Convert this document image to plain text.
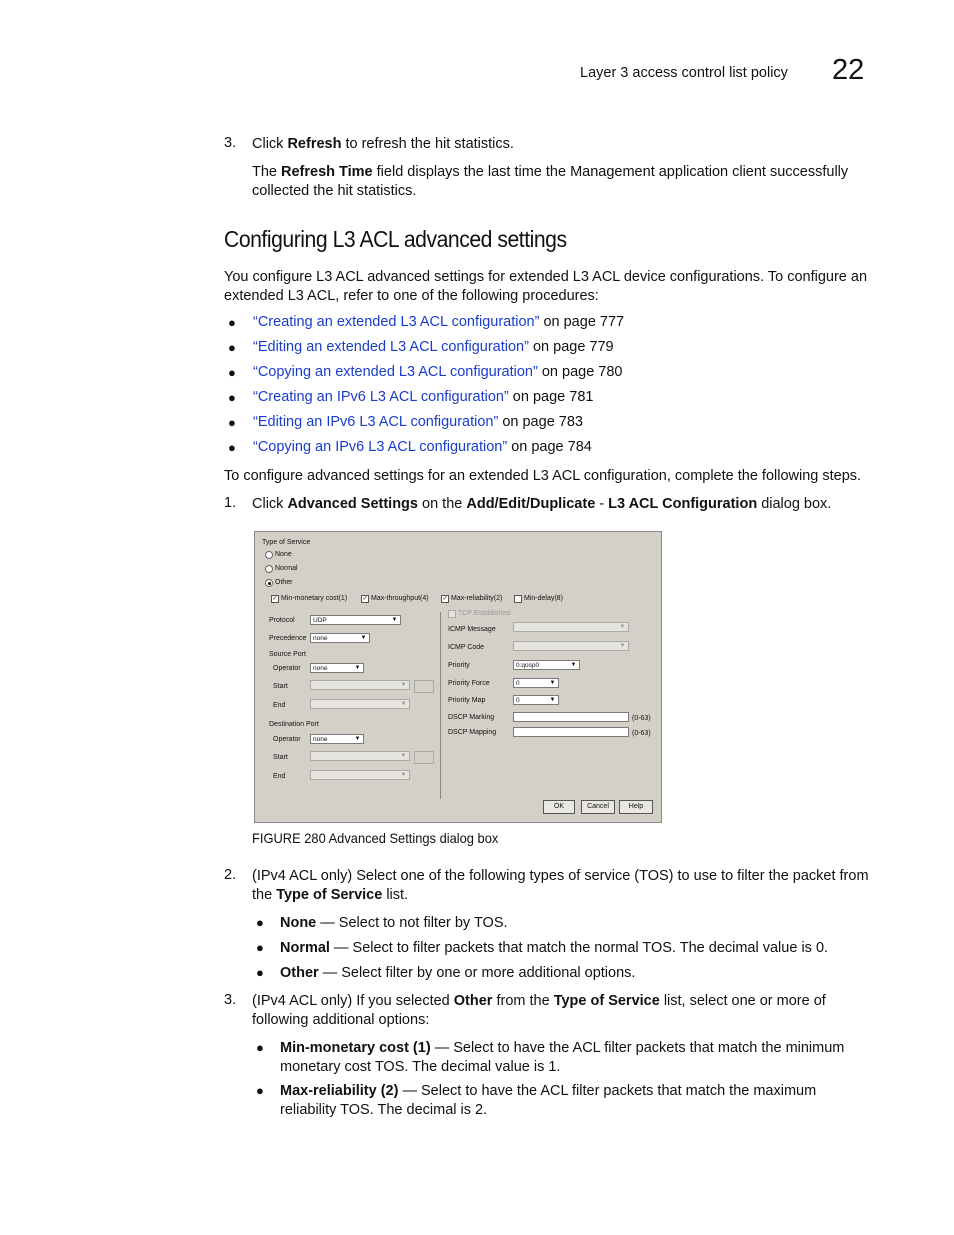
Layer 3 access control list policy 22
3. Click Refresh to refresh the hit statistics.
The Refresh Time field displays the last time the Management application client successfully
collected the hit statistics.
Configuring L3 ACL advanced settings
You configure L3 ACL advanced settings for extended L3 ACL device configurations. To configure an
extended L3 ACL, refer to one of the following procedures:
● “Creating an extended L3 ACL configuration” on page 777
● “Editing an extended L3 ACL configuration” on page 779
● “Copying an extended L3 ACL configuration” on page 780
● “Creating an IPv6 L3 ACL configuration” on page 781
● “Editing an IPv6 L3 ACL configuration” on page 783
● “Copying an IPv6 L3 ACL configuration” on page 784
To configure advanced settings for an extended L3 ACL configuration, complete the following steps.
1. Click Advanced Settings on the Add/Edit/Duplicate - L3 ACL Configuration dialog box.
Type of Service
None
Normal
Other
✓ Min-monetary cost(1)	✓ Max-throughput(4) ✓ Max-reliability(2)	Min-delay(8)
Protocol	UDP	▼
Precedence	none	▼
Source Port
Operator	none	▼
Start	▼
End	▼
Destination Port
Operator	none	▼
Start	▼
End	▼
TCP Established
ICMP Message	▼
ICMP Code	▼
Priority	0:qosp0	▼
Priority Force	0	▼
Priority Map	0	▼
DSCP Marking	(0-63)
DSCP Mapping	(0-63)
OK	Cancel	Help
FIGURE 280 Advanced Settings dialog box
2. (IPv4 ACL only) Select one of the following types of service (TOS) to use to filter the packet from
the Type of Service list.
● None — Select to not filter by TOS.
● Normal — Select to filter packets that match the normal TOS. The decimal value is 0.
● Other — Select filter by one or more additional options.
3. (IPv4 ACL only) If you selected Other from the Type of Service list, select one or more of
following additional options:
● Min-monetary cost (1) — Select to have the ACL filter packets that match the minimum
monetary cost TOS. The decimal value is 1.
● Max-reliability (2) — Select to have the ACL filter packets that match the maximum
reliability TOS. The decimal is 2.
